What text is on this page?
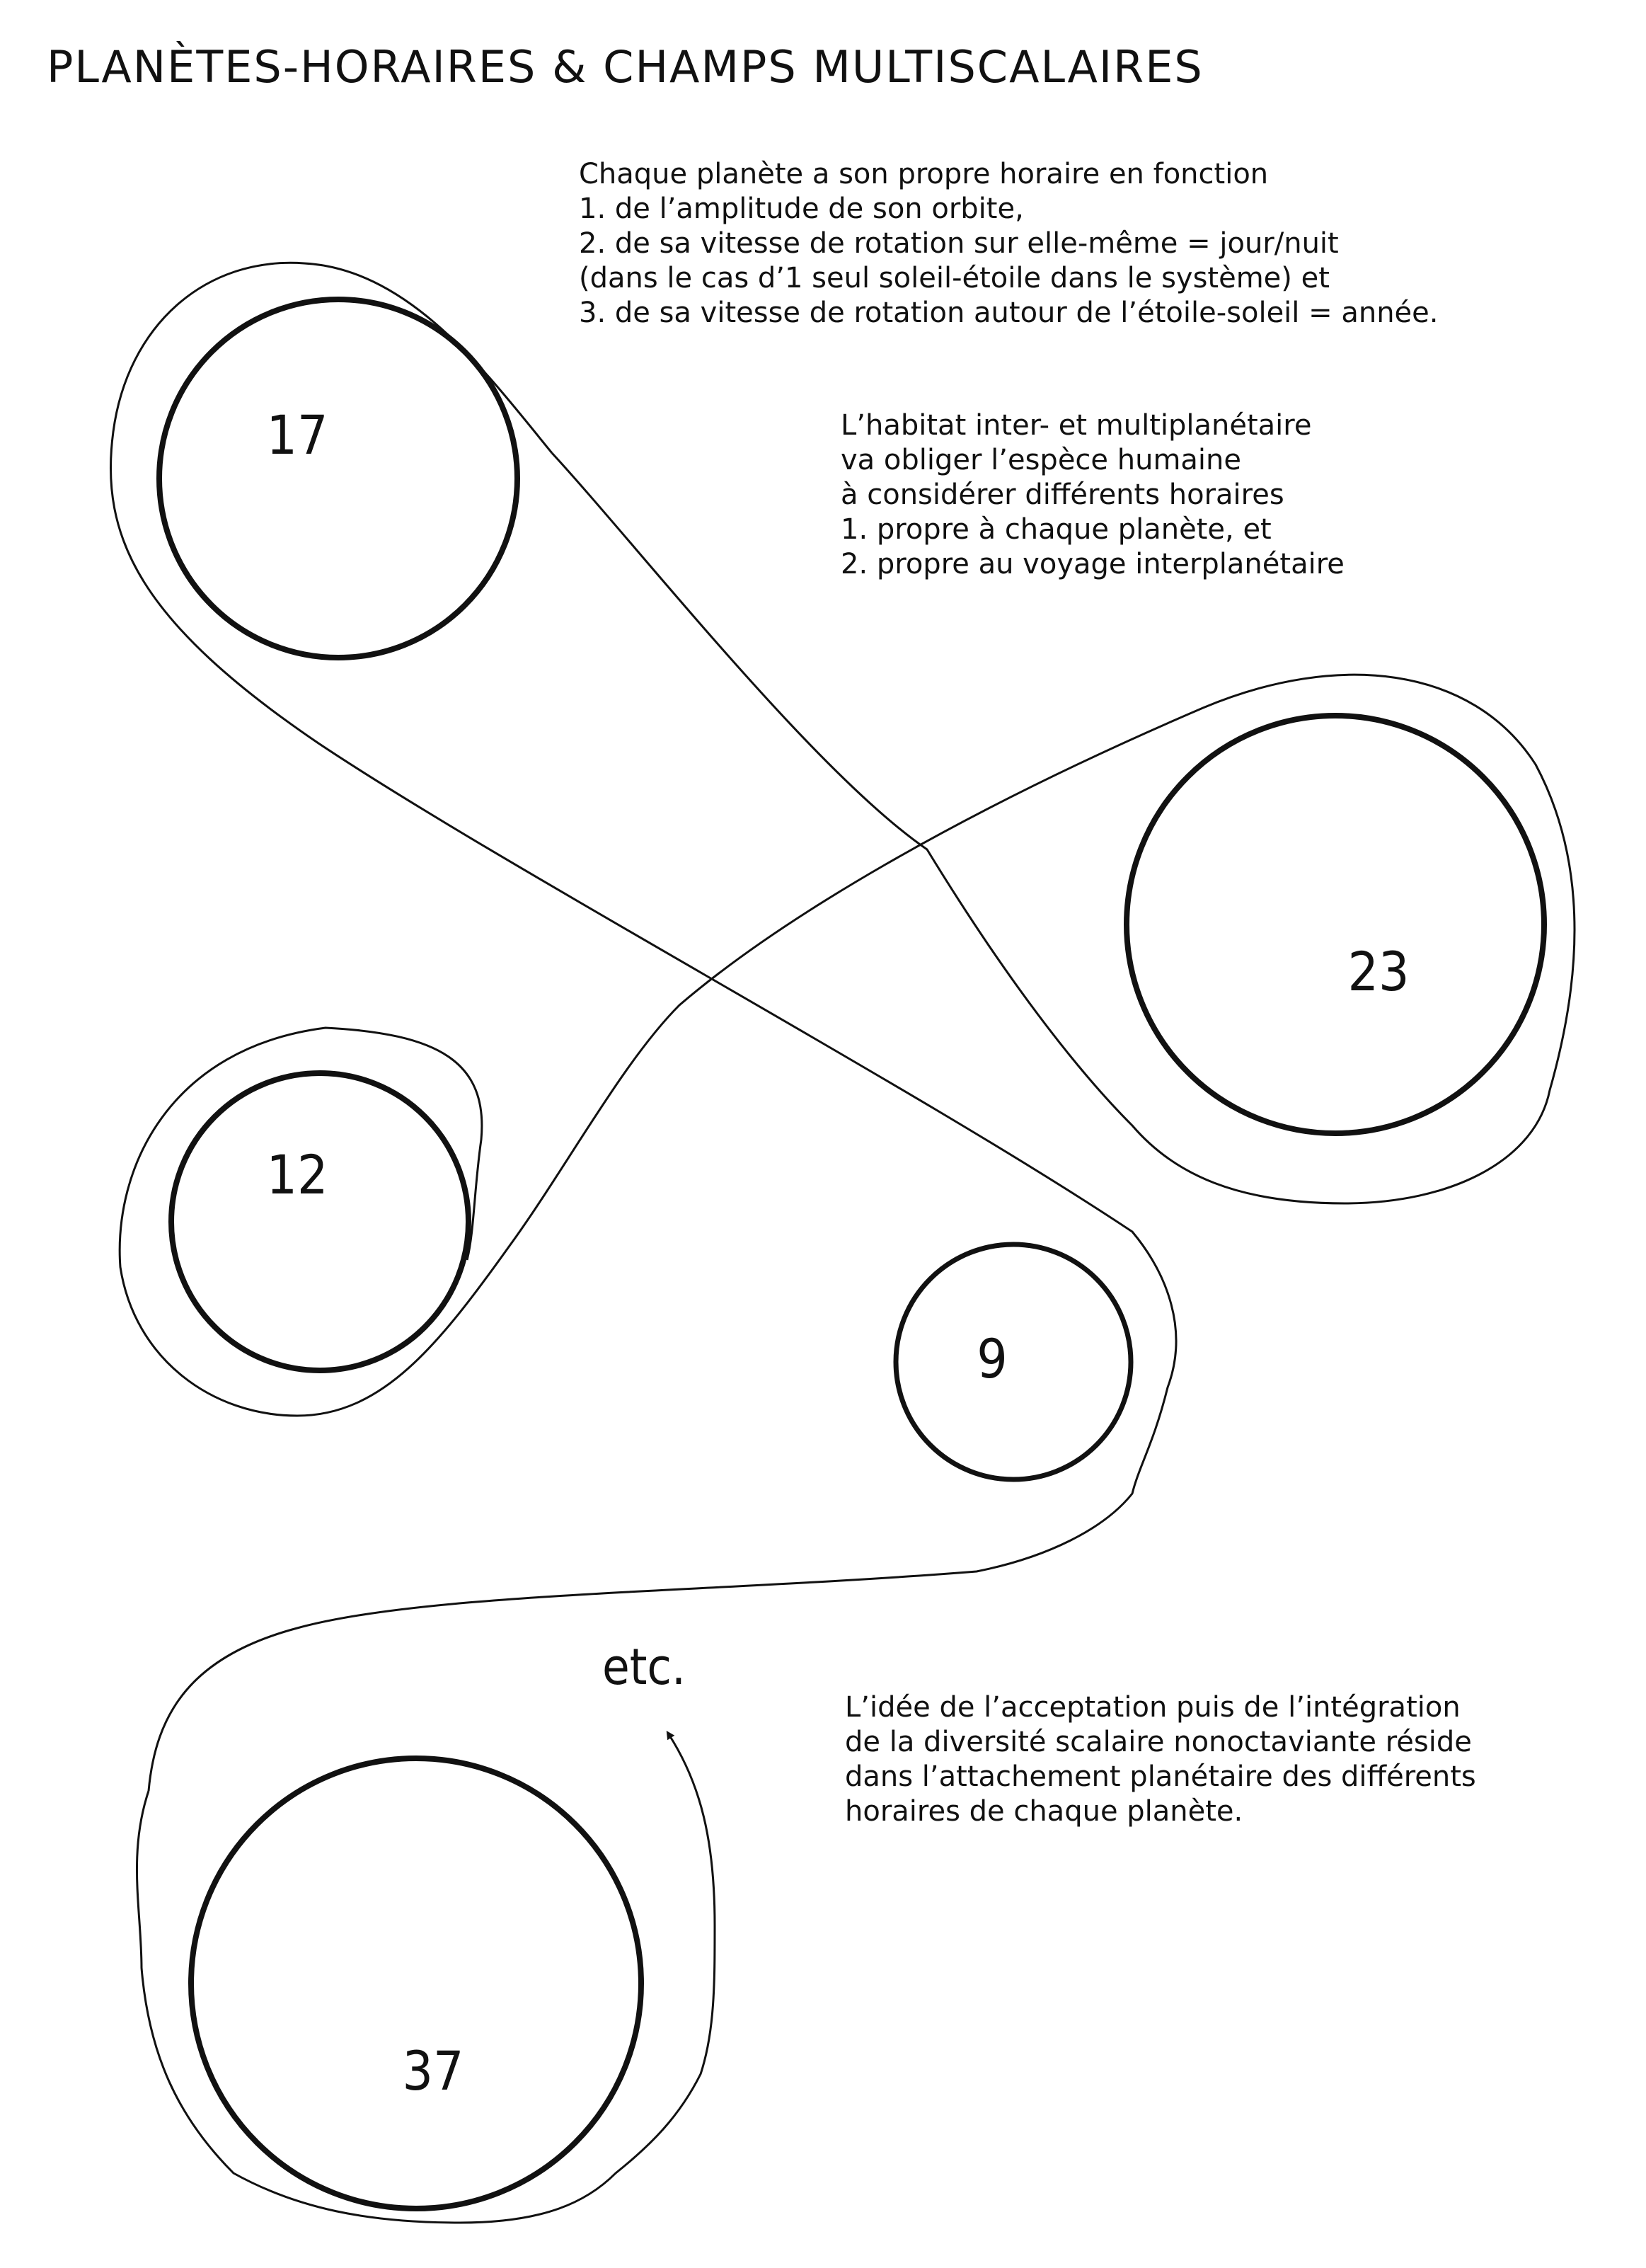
PLANÈTES-HORAIRES & CHAMPS MULTISCALAIRES
Chaque planète a son propre horaire en fonction
1. de l’amplitude de son orbite,
2. de sa vitesse de rotation sur elle-même = jour/nuit
(dans le cas d’1 seul soleil-étoile dans le système) et
3. de sa vitesse de rotation autour de l’étoile-soleil = année.
L’habitat inter- et multiplanétaire
va obliger l’espèce humaine
à considérer différents horaires
1. propre à chaque planète, et
2. propre au voyage interplanétaire
L’idée de l’acceptation puis de l’intégration
de la diversité scalaire nonoctaviante réside
dans l’attachement planétaire des différents
horaires de chaque planète.
17
23
12
9
37
etc.
